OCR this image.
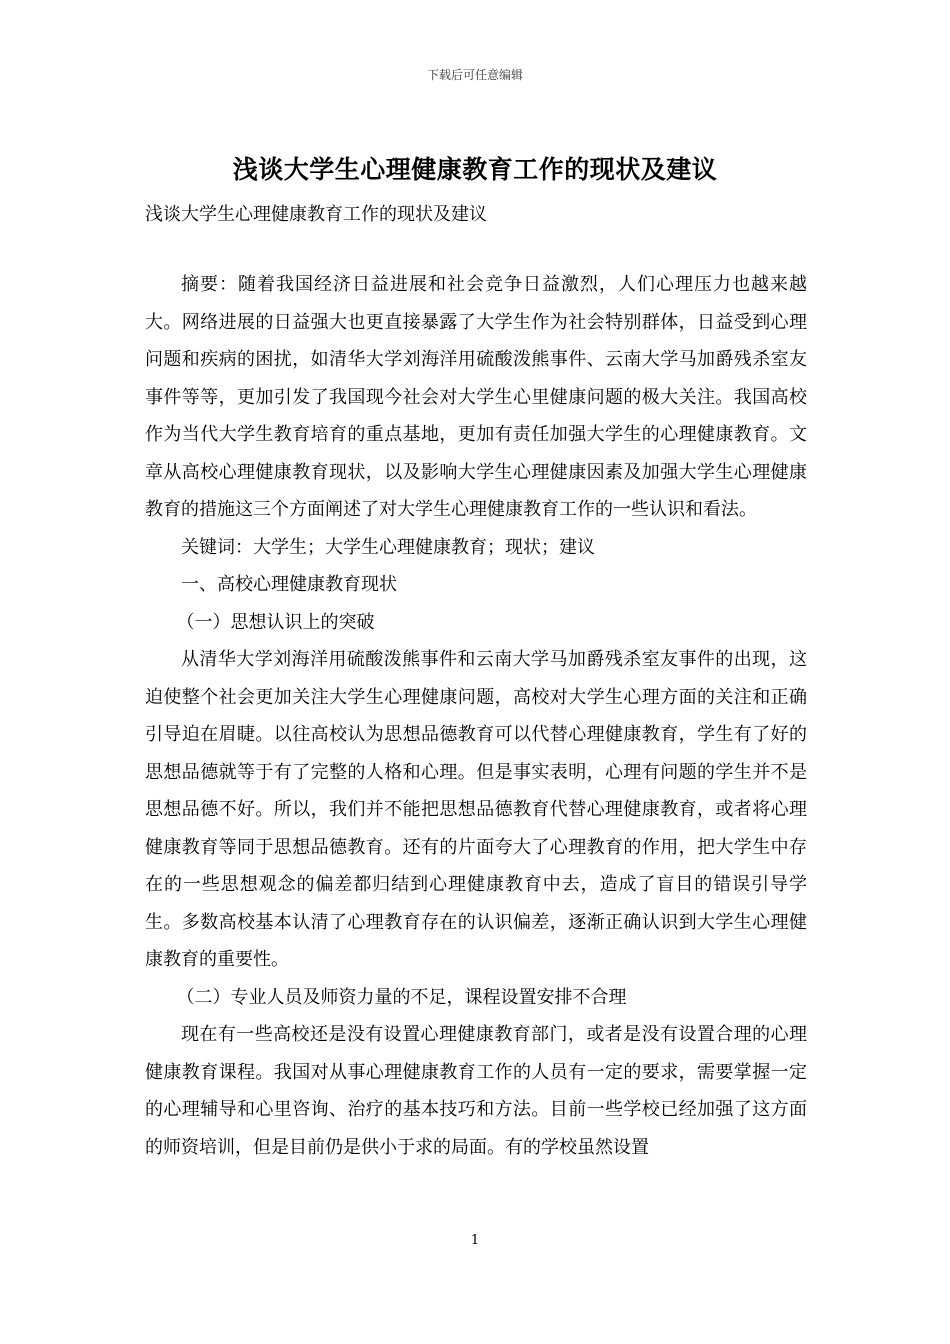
下载后可任意编辑
浅谈大学生心理健康教育工作的现状及建议
浅谈大学生心理健康教育工作的现状及建议

摘要：随着我国经济日益进展和社会竞争日益激烈，人们心理压力也越来越大。网络进展的日益强大也更直接暴露了大学生作为社会特别群体，日益受到心理问题和疾病的困扰，如清华大学刘海洋用硫酸泼熊事件、云南大学马加爵残杀室友事件等等，更加引发了我国现今社会对大学生心里健康问题的极大关注。我国高校作为当代大学生教育培育的重点基地，更加有责任加强大学生的心理健康教育。文章从高校心理健康教育现状，以及影响大学生心理健康因素及加强大学生心理健康教育的措施这三个方面阐述了对大学生心理健康教育工作的一些认识和看法。

关键词：大学生；大学生心理健康教育；现状；建议

一、高校心理健康教育现状

（一）思想认识上的突破

从清华大学刘海洋用硫酸泼熊事件和云南大学马加爵残杀室友事件的出现，这迫使整个社会更加关注大学生心理健康问题，高校对大学生心理方面的关注和正确引导迫在眉睫。以往高校认为思想品德教育可以代替心理健康教育，学生有了好的思想品德就等于有了完整的人格和心理。但是事实表明，心理有问题的学生并不是思想品德不好。所以，我们并不能把思想品德教育代替心理健康教育，或者将心理健康教育等同于思想品德教育。还有的片面夸大了心理教育的作用，把大学生中存在的一些思想观念的偏差都归结到心理健康教育中去，造成了盲目的错误引导学生。多数高校基本认清了心理教育存在的认识偏差，逐渐正确认识到大学生心理健康教育的重要性。

（二）专业人员及师资力量的不足，课程设置安排不合理

现在有一些高校还是没有设置心理健康教育部门，或者是没有设置合理的心理健康教育课程。我国对从事心理健康教育工作的人员有一定的要求，需要掌握一定的心理辅导和心里咨询、治疗的基本技巧和方法。目前一些学校已经加强了这方面的师资培训，但是目前仍是供小于求的局面。有的学校虽然设置

1
